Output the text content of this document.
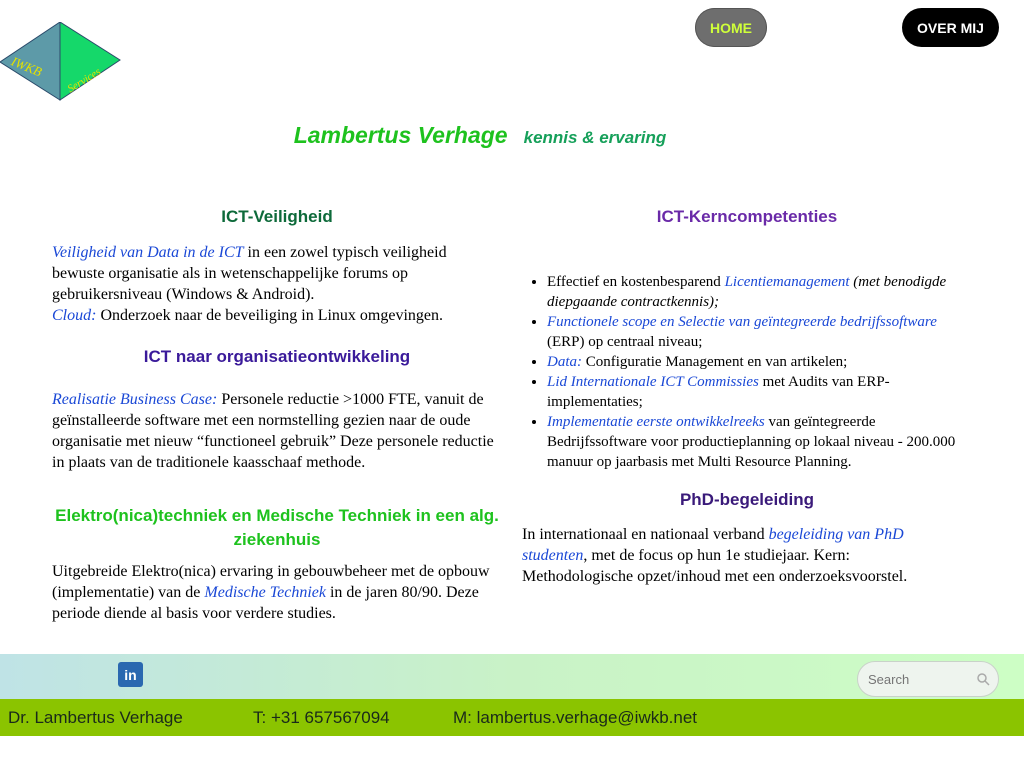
IWKB Services
HOME	OVER MIJ
Lambertus Verhage kennis & ervaring
ICT-Veiligheid

Veiligheid van Data in de ICT in een zowel typisch veiligheid bewuste organisatie als in wetenschappelijke forums op gebruikersniveau (Windows & Android).

Cloud: Onderzoek naar de beveiliging in Linux omgevingen.

ICT naar organisatieontwikkeling

Realisatie Business Case: Personele reductie >1000 FTE, vanuit de geïnstalleerde software met een normstelling gezien naar de oude organisatie met nieuw “functioneel gebruik” Deze personele reductie in plaats van de traditionele kaasschaaf methode.

Elektro(nica)techniek en Medische Techniek in een alg. ziekenhuis

Uitgebreide Elektro(nica) ervaring in gebouwbeheer met de opbouw (implementatie) van de Medische Techniek in de jaren 80/90. Deze periode diende al basis voor verdere studies.

ICT-Kerncompetenties
• Effectief en kostenbesparend Licentiemanagement (met benodigde diepgaande contractkennis);
• Functionele scope en Selectie van geïntegreerde bedrijfssoftware (ERP) op centraal niveau;
• Data: Configuratie Management en van artikelen;
• Lid Internationale ICT Commissies met Audits van ERP-implementaties;
• Implementatie eerste ontwikkelreeks van geïntegreerde Bedrijfssoftware voor productieplanning op lokaal niveau - 200.000 manuur op jaarbasis met Multi Resource Planning.
PhD-begeleiding

In internationaal en nationaal verband begeleiding van PhD studenten, met de focus op hun 1e studiejaar. Kern: Methodologische opzet/inhoud met een onderzoeksvoorstel.

in
Search
Dr. Lambertus Verhage	T: +31 657567094	M: lambertus.verhage@iwkb.net
